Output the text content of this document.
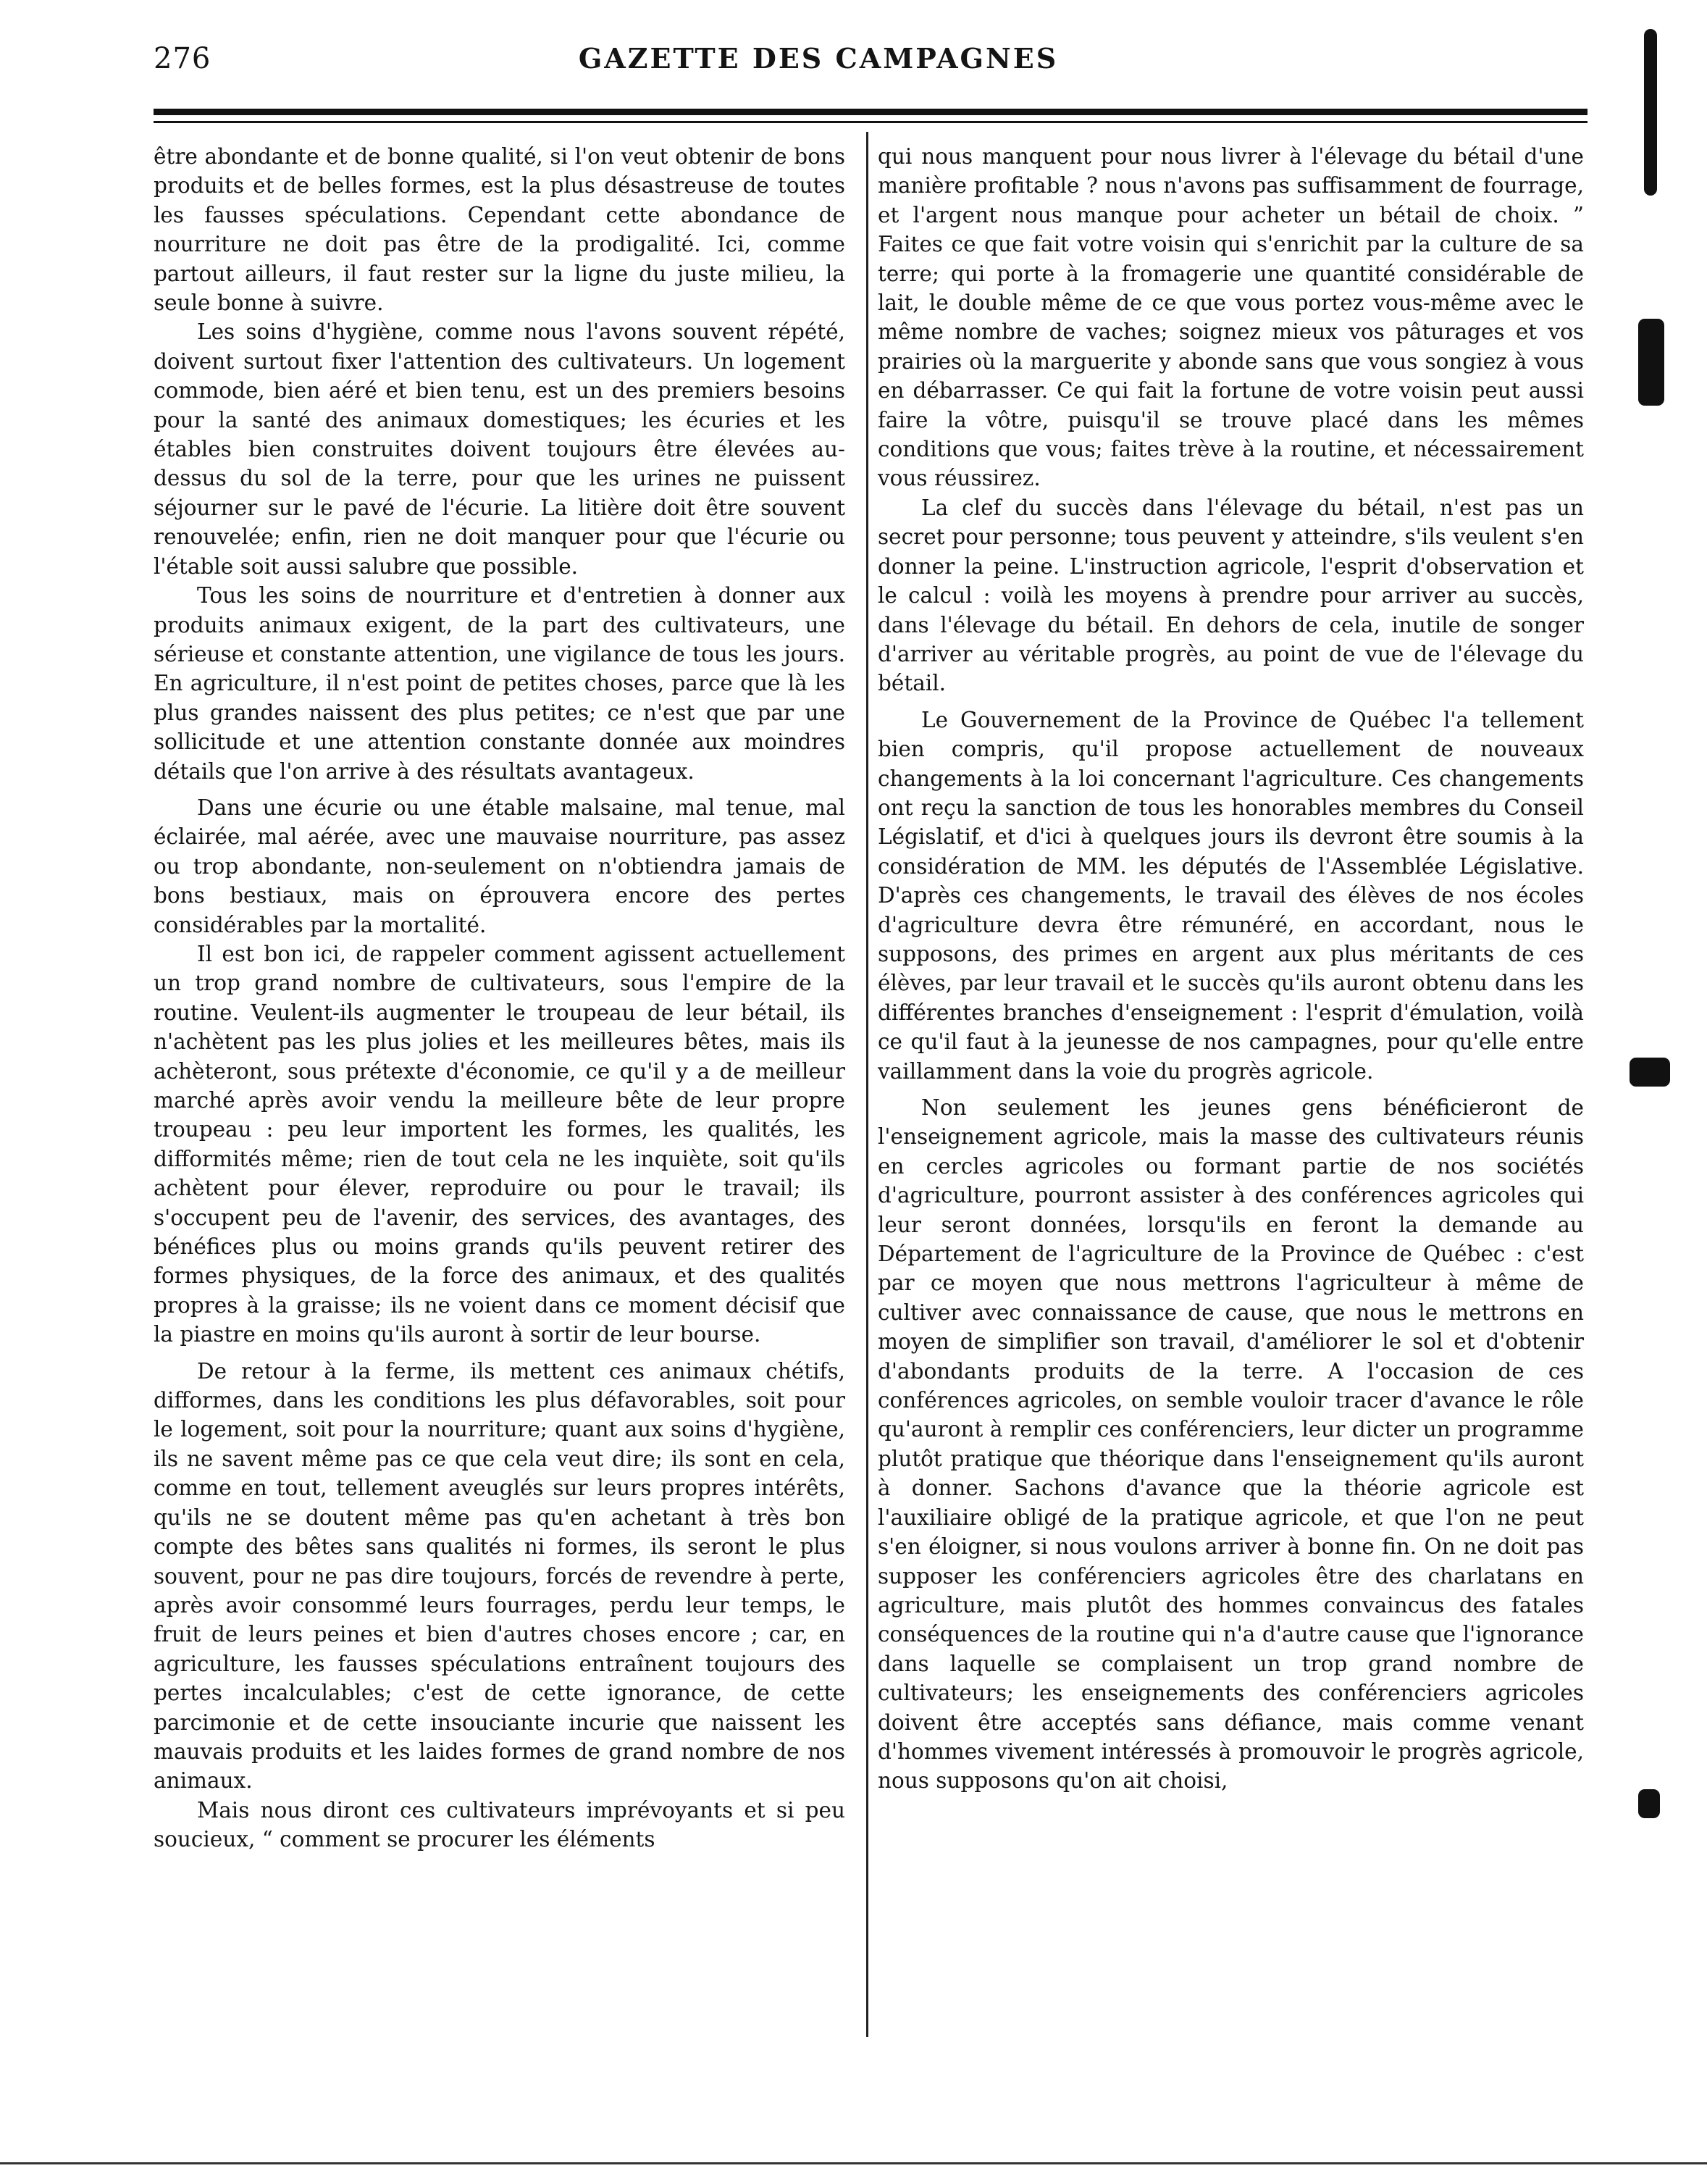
276	GAZETTE DES CAMPAGNES

être abondante et de bonne qualité, si l'on veut obtenir de bons produits et de belles formes, est la plus désastreuse de toutes les fausses spéculations. Cependant cette abondance de nourriture ne doit pas être de la prodigalité. Ici, comme partout ailleurs, il faut rester sur la ligne du juste milieu, la seule bonne à suivre.

Les soins d'hygiène, comme nous l'avons souvent répété, doivent surtout fixer l'attention des cultivateurs. Un logement commode, bien aéré et bien tenu, est un des premiers besoins pour la santé des animaux domestiques; les écuries et les étables bien construites doivent toujours être élevées au-dessus du sol de la terre, pour que les urines ne puissent séjourner sur le pavé de l'écurie. La litière doit être souvent renouvelée; enfin, rien ne doit manquer pour que l'écurie ou l'étable soit aussi salubre que possible.

Tous les soins de nourriture et d'entretien à donner aux produits animaux exigent, de la part des cultivateurs, une sérieuse et constante attention, une vigilance de tous les jours. En agriculture, il n'est point de petites choses, parce que là les plus grandes naissent des plus petites; ce n'est que par une sollicitude et une attention constante donnée aux moindres détails que l'on arrive à des résultats avantageux.

Dans une écurie ou une étable malsaine, mal tenue, mal éclairée, mal aérée, avec une mauvaise nourriture, pas assez ou trop abondante, non-seulement on n'obtiendra jamais de bons bestiaux, mais on éprouvera encore des pertes considérables par la mortalité.

Il est bon ici, de rappeler comment agissent actuellement un trop grand nombre de cultivateurs, sous l'empire de la routine. Veulent-ils augmenter le troupeau de leur bétail, ils n'achètent pas les plus jolies et les meilleures bêtes, mais ils achèteront, sous prétexte d'économie, ce qu'il y a de meilleur marché après avoir vendu la meilleure bête de leur propre troupeau : peu leur importent les formes, les qualités, les difformités même; rien de tout cela ne les inquiète, soit qu'ils achètent pour élever, reproduire ou pour le travail; ils s'occupent peu de l'avenir, des services, des avantages, des bénéfices plus ou moins grands qu'ils peuvent retirer des formes physiques, de la force des animaux, et des qualités propres à la graisse; ils ne voient dans ce moment décisif que la piastre en moins qu'ils auront à sortir de leur bourse.

De retour à la ferme, ils mettent ces animaux chétifs, difformes, dans les conditions les plus défavorables, soit pour le logement, soit pour la nourriture; quant aux soins d'hygiène, ils ne savent même pas ce que cela veut dire; ils sont en cela, comme en tout, tellement aveuglés sur leurs propres intérêts, qu'ils ne se doutent même pas qu'en achetant à très bon compte des bêtes sans qualités ni formes, ils seront le plus souvent, pour ne pas dire toujours, forcés de revendre à perte, après avoir consommé leurs fourrages, perdu leur temps, le fruit de leurs peines et bien d'autres choses encore ; car, en agriculture, les fausses spéculations entraînent toujours des pertes incalculables; c'est de cette ignorance, de cette parcimonie et de cette insouciante incurie que naissent les mauvais produits et les laides formes de grand nombre de nos animaux.

Mais nous diront ces cultivateurs imprévoyants et si peu soucieux, “ comment se procurer les éléments

qui nous manquent pour nous livrer à l'élevage du bétail d'une manière profitable ? nous n'avons pas suffisamment de fourrage, et l'argent nous manque pour acheter un bétail de choix. ” Faites ce que fait votre voisin qui s'enrichit par la culture de sa terre; qui porte à la fromagerie une quantité considérable de lait, le double même de ce que vous portez vous-même avec le même nombre de vaches; soignez mieux vos pâturages et vos prairies où la marguerite y abonde sans que vous songiez à vous en débarrasser. Ce qui fait la fortune de votre voisin peut aussi faire la vôtre, puisqu'il se trouve placé dans les mêmes conditions que vous; faites trève à la routine, et nécessairement vous réussirez.

La clef du succès dans l'élevage du bétail, n'est pas un secret pour personne; tous peuvent y atteindre, s'ils veulent s'en donner la peine. L'instruction agricole, l'esprit d'observation et le calcul : voilà les moyens à prendre pour arriver au succès, dans l'élevage du bétail. En dehors de cela, inutile de songer d'arriver au véritable progrès, au point de vue de l'élevage du bétail.

Le Gouvernement de la Province de Québec l'a tellement bien compris, qu'il propose actuellement de nouveaux changements à la loi concernant l'agriculture. Ces changements ont reçu la sanction de tous les honorables membres du Conseil Législatif, et d'ici à quelques jours ils devront être soumis à la considération de MM. les députés de l'Assemblée Législative. D'après ces changements, le travail des élèves de nos écoles d'agriculture devra être rémunéré, en accordant, nous le supposons, des primes en argent aux plus méritants de ces élèves, par leur travail et le succès qu'ils auront obtenu dans les différentes branches d'enseignement : l'esprit d'émulation, voilà ce qu'il faut à la jeunesse de nos campagnes, pour qu'elle entre vaillamment dans la voie du progrès agricole.

Non seulement les jeunes gens bénéficieront de l'enseignement agricole, mais la masse des cultivateurs réunis en cercles agricoles ou formant partie de nos sociétés d'agriculture, pourront assister à des conférences agricoles qui leur seront données, lorsqu'ils en feront la demande au Département de l'agriculture de la Province de Québec : c'est par ce moyen que nous mettrons l'agriculteur à même de cultiver avec connaissance de cause, que nous le mettrons en moyen de simplifier son travail, d'améliorer le sol et d'obtenir d'abondants produits de la terre. A l'occasion de ces conférences agricoles, on semble vouloir tracer d'avance le rôle qu'auront à remplir ces conférenciers, leur dicter un programme plutôt pratique que théorique dans l'enseignement qu'ils auront à donner. Sachons d'avance que la théorie agricole est l'auxiliaire obligé de la pratique agricole, et que l'on ne peut s'en éloigner, si nous voulons arriver à bonne fin. On ne doit pas supposer les conférenciers agricoles être des charlatans en agriculture, mais plutôt des hommes convaincus des fatales conséquences de la routine qui n'a d'autre cause que l'ignorance dans laquelle se complaisent un trop grand nombre de cultivateurs; les enseignements des conférenciers agricoles doivent être acceptés sans défiance, mais comme venant d'hommes vivement intéressés à promouvoir le progrès agricole, nous supposons qu'on ait choisi,
